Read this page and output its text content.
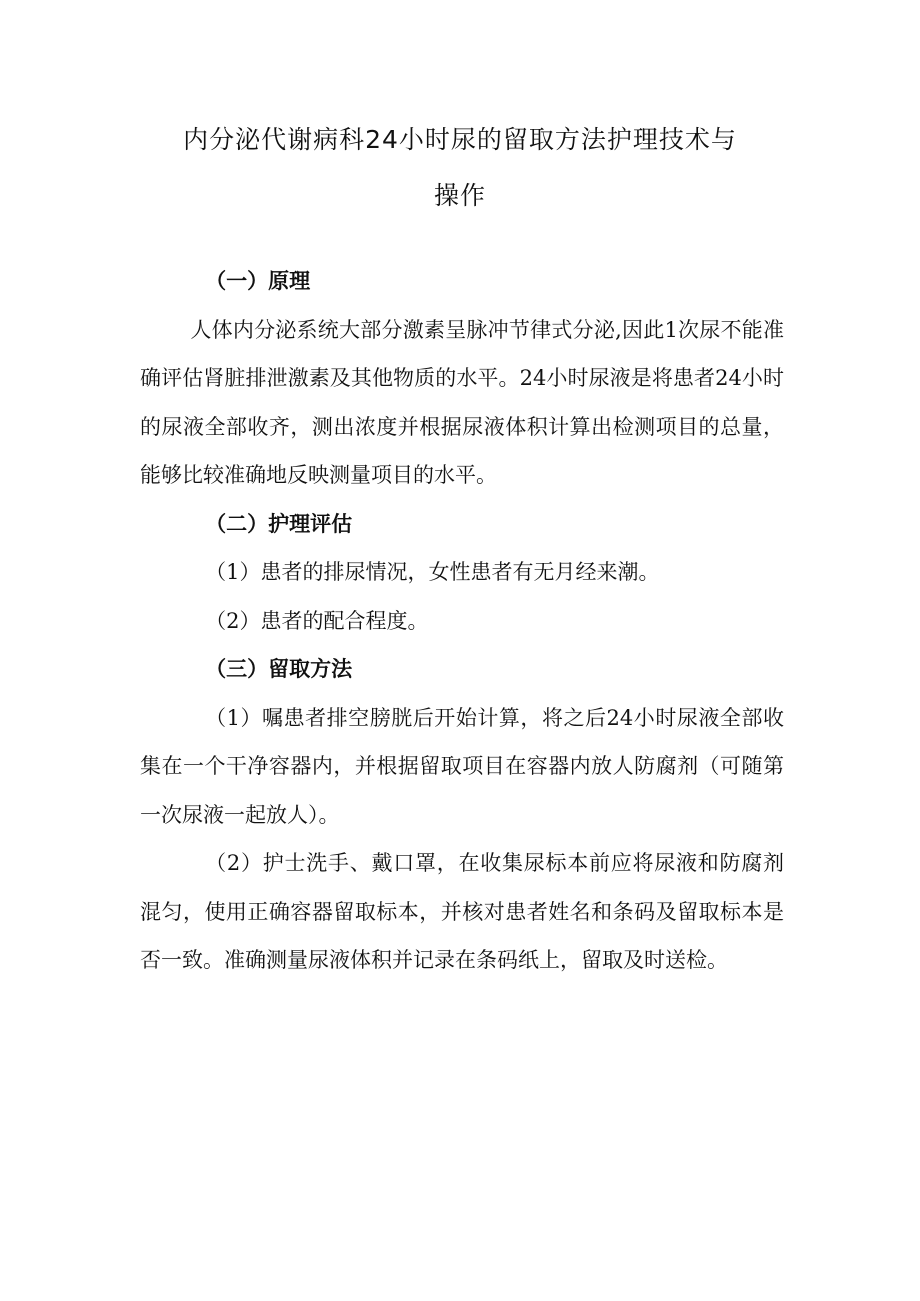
内分泌代谢病科24小时尿的留取方法护理技术与
操作
（一）原理

人体内分泌系统大部分激素呈脉冲节律式分泌,因此1次尿不能准确评估肾脏排泄激素及其他物质的水平。24小时尿液是将患者24小时的尿液全部收齐，测出浓度并根据尿液体积计算出检测项目的总量，能够比较准确地反映测量项目的水平。

（二）护理评估

（1）患者的排尿情况，女性患者有无月经来潮。

（2）患者的配合程度。

（三）留取方法

（1）嘱患者排空膀胱后开始计算，将之后24小时尿液全部收集在一个干净容器内，并根据留取项目在容器内放人防腐剂（可随第一次尿液一起放人）。

（2）护士洗手、戴口罩，在收集尿标本前应将尿液和防腐剂混匀，使用正确容器留取标本，并核对患者姓名和条码及留取标本是否一致。准确测量尿液体积并记录在条码纸上，留取及时送检。
